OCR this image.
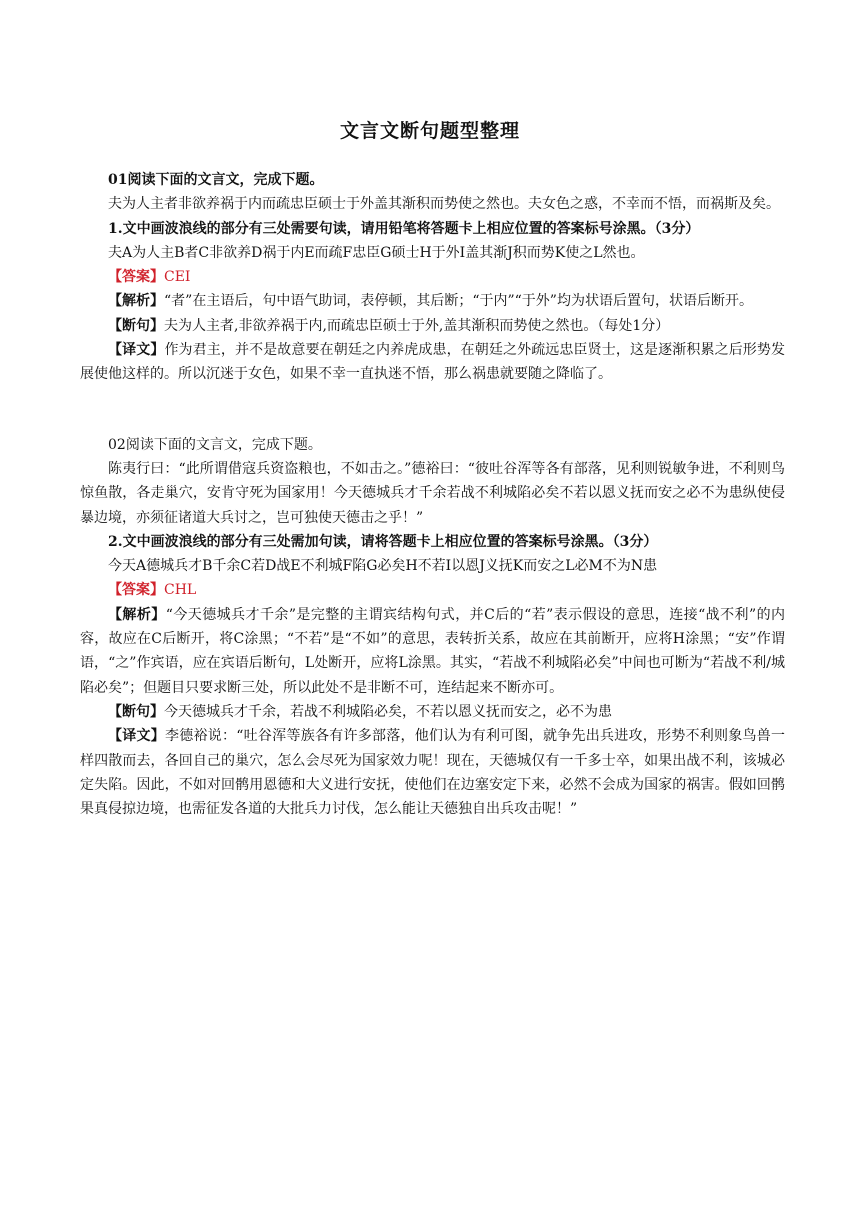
文言文断句题型整理

01阅读下面的文言文，完成下题。

夫为人主者非欲养祸于内而疏忠臣硕士于外盖其渐积而势使之然也。夫女色之惑，不幸而不悟，而祸斯及矣。

1.文中画波浪线的部分有三处需要句读，请用铅笔将答题卡上相应位置的答案标号涂黑。（3分）

夫A为人主B者C非欲养D祸于内E而疏F忠臣G硕士H于外I盖其渐J积而势K使之L然也。

【答案】CEI

【解析】“者”在主语后，句中语气助词，表停顿，其后断；“于内”“于外”均为状语后置句，状语后断开。

【断句】夫为人主者,非欲养祸于内,而疏忠臣硕士于外,盖其渐积而势使之然也。（每处1分）

【译文】作为君主，并不是故意要在朝廷之内养虎成患，在朝廷之外疏远忠臣贤士，这是逐渐积累之后形势发展使他这样的。所以沉迷于女色，如果不幸一直执迷不悟，那么祸患就要随之降临了。

02阅读下面的文言文，完成下题。

陈夷行曰：“此所谓借寇兵资盗粮也，不如击之。”德裕曰：“彼吐谷浑等各有部落，见利则锐敏争进，不利则鸟惊鱼散，各走巢穴，安肯守死为国家用！今天德城兵才千余若战不利城陷必矣不若以恩义抚而安之必不为患纵使侵暴边境，亦须征诸道大兵讨之，岂可独使天德击之乎！”

2.文中画波浪线的部分有三处需加句读，请将答题卡上相应位置的答案标号涂黑。（3分）

今天A德城兵才B千余C若D战E不利城F陷G必矣H不若I以恩J义抚K而安之L必M不为N患

【答案】CHL

【解析】“今天德城兵才千余”是完整的主谓宾结构句式，并C后的“若”表示假设的意思，连接“战不利”的内容，故应在C后断开，将C涂黑；“不若”是“不如”的意思，表转折关系，故应在其前断开，应将H涂黑；“安”作谓语，“之”作宾语，应在宾语后断句，L处断开，应将L涂黑。其实，“若战不利城陷必矣”中间也可断为“若战不利/城陷必矣”；但题目只要求断三处，所以此处不是非断不可，连结起来不断亦可。

【断句】今天德城兵才千余，若战不利城陷必矣，不若以恩义抚而安之，必不为患

【译文】李德裕说：“吐谷浑等族各有许多部落，他们认为有利可图，就争先出兵进攻，形势不利则象鸟兽一样四散而去，各回自己的巢穴，怎么会尽死为国家效力呢！现在，天德城仅有一千多士卒，如果出战不利，该城必定失陷。因此，不如对回鹘用恩德和大义进行安抚，使他们在边塞安定下来，必然不会成为国家的祸害。假如回鹘果真侵掠边境，也需征发各道的大批兵力讨伐，怎么能让天德独自出兵攻击呢！”
